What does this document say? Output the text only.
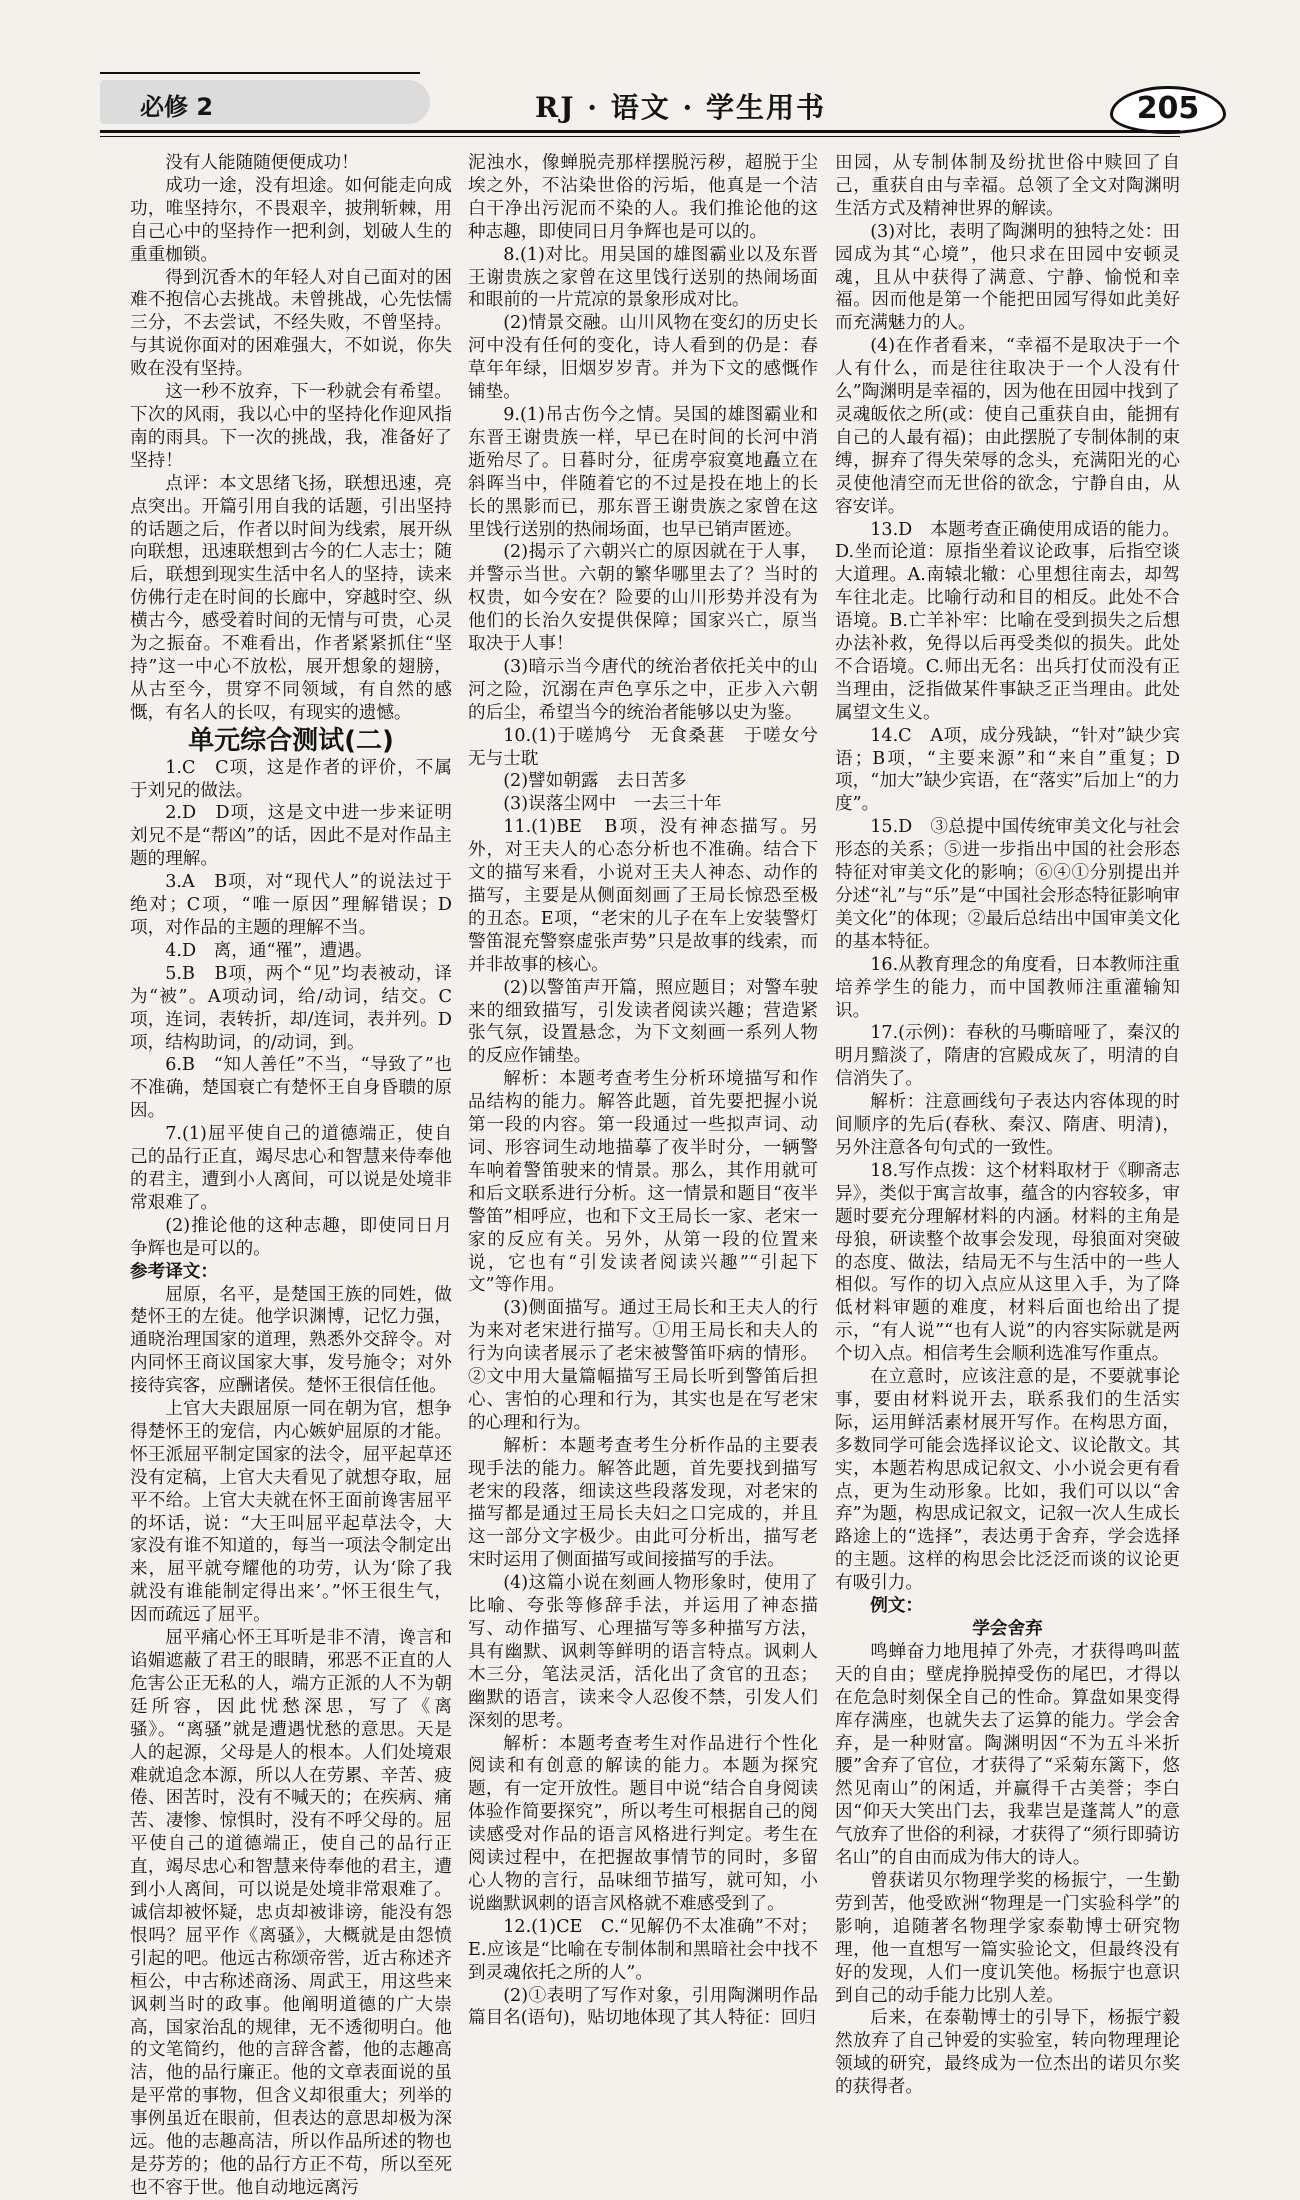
必修 2	RJ · 语文 · 学生用书	205

没有人能随随便便成功！

成功一途，没有坦途。如何能走向成功，唯坚持尔，不畏艰辛，披荆斩棘，用自己心中的坚持作一把利剑，划破人生的重重枷锁。

得到沉香木的年轻人对自己面对的困难不抱信心去挑战。未曾挑战，心先怯懦三分，不去尝试，不经失败，不曾坚持。与其说你面对的困难强大，不如说，你失败在没有坚持。

这一秒不放弃，下一秒就会有希望。下次的风雨，我以心中的坚持化作迎风指南的雨具。下一次的挑战，我，准备好了坚持！

点评：本文思绪飞扬，联想迅速，亮点突出。开篇引用自我的话题，引出坚持的话题之后，作者以时间为线索，展开纵向联想，迅速联想到古今的仁人志士；随后，联想到现实生活中名人的坚持，读来仿佛行走在时间的长廊中，穿越时空、纵横古今，感受着时间的无情与可贵，心灵为之振奋。不难看出，作者紧紧抓住“坚持”这一中心不放松，展开想象的翅膀，从古至今，贯穿不同领域，有自然的感慨，有名人的长叹，有现实的遗憾。

单元综合测试(二)

1.C　C项，这是作者的评价，不属于刘兄的做法。

2.D　D项，这是文中进一步来证明刘兄不是“帮凶”的话，因此不是对作品主题的理解。

3.A　B项，对“现代人”的说法过于绝对；C项，“唯一原因”理解错误；D项，对作品的主题的理解不当。

4.D　离，通“罹”，遭遇。

5.B　B项，两个“见”均表被动，译为“被”。A项动词，给/动词，结交。C项，连词，表转折，却/连词，表并列。D项，结构助词，的/动词，到。

6.B　“知人善任”不当，“导致了”也不准确，楚国衰亡有楚怀王自身昏聩的原因。

7.(1)屈平使自己的道德端正，使自己的品行正直，竭尽忠心和智慧来侍奉他的君主，遭到小人离间，可以说是处境非常艰难了。

(2)推论他的这种志趣，即使同日月争辉也是可以的。

参考译文：

屈原，名平，是楚国王族的同姓，做楚怀王的左徒。他学识渊博，记忆力强，通晓治理国家的道理，熟悉外交辞令。对内同怀王商议国家大事，发号施令；对外接待宾客，应酬诸侯。楚怀王很信任他。

上官大夫跟屈原一同在朝为官，想争得楚怀王的宠信，内心嫉妒屈原的才能。怀王派屈平制定国家的法令，屈平起草还没有定稿，上官大夫看见了就想夺取，屈平不给。上官大夫就在怀王面前谗害屈平的坏话，说：“大王叫屈平起草法令，大家没有谁不知道的，每当一项法令制定出来，屈平就夸耀他的功劳，认为‘除了我就没有谁能制定得出来’。”怀王很生气，因而疏远了屈平。

屈平痛心怀王耳听是非不清，谗言和谄媚遮蔽了君王的眼睛，邪恶不正直的人危害公正无私的人，端方正派的人不为朝廷所容，因此忧愁深思，写了《离骚》。“离骚”就是遭遇忧愁的意思。天是人的起源，父母是人的根本。人们处境艰难就追念本源，所以人在劳累、辛苦、疲倦、困苦时，没有不喊天的；在疾病、痛苦、凄惨、惊惧时，没有不呼父母的。屈平使自己的道德端正，使自己的品行正直，竭尽忠心和智慧来侍奉他的君主，遭到小人离间，可以说是处境非常艰难了。诚信却被怀疑，忠贞却被诽谤，能没有怨恨吗？屈平作《离骚》，大概就是由怨愤引起的吧。他远古称颂帝喾，近古称述齐桓公，中古称述商汤、周武王，用这些来讽刺当时的政事。他阐明道德的广大崇高，国家治乱的规律，无不透彻明白。他的文笔简约，他的言辞含蓄，他的志趣高洁，他的品行廉正。他的文章表面说的虽是平常的事物，但含义却很重大；列举的事例虽近在眼前，但表达的意思却极为深远。他的志趣高洁，所以作品所述的物也是芬芳的；他的品行方正不苟，所以至死也不容于世。他自动地远离污

泥浊水，像蝉脱壳那样摆脱污秽，超脱于尘埃之外，不沾染世俗的污垢，他真是一个洁白干净出污泥而不染的人。我们推论他的这种志趣，即使同日月争辉也是可以的。

8.(1)对比。用吴国的雄图霸业以及东晋王谢贵族之家曾在这里饯行送别的热闹场面和眼前的一片荒凉的景象形成对比。

(2)情景交融。山川风物在变幻的历史长河中没有任何的变化，诗人看到的仍是：春草年年绿，旧烟岁岁青。并为下文的感慨作铺垫。

9.(1)吊古伤今之情。吴国的雄图霸业和东晋王谢贵族一样，早已在时间的长河中消逝殆尽了。日暮时分，征虏亭寂寞地矗立在斜晖当中，伴随着它的不过是投在地上的长长的黑影而已，那东晋王谢贵族之家曾在这里饯行送别的热闹场面，也早已销声匿迹。

(2)揭示了六朝兴亡的原因就在于人事，并警示当世。六朝的繁华哪里去了？当时的权贵，如今安在？险要的山川形势并没有为他们的长治久安提供保障；国家兴亡，原当取决于人事！

(3)暗示当今唐代的统治者依托关中的山河之险，沉溺在声色享乐之中，正步入六朝的后尘，希望当今的统治者能够以史为鉴。

10.(1)于嗟鸠兮　无食桑葚　于嗟女兮　无与士耽

(2)譬如朝露　去日苦多

(3)误落尘网中　一去三十年

11.(1)BE　B项，没有神态描写。另外，对王夫人的心态分析也不准确。结合下文的描写来看，小说对王夫人神态、动作的描写，主要是从侧面刻画了王局长惊恐至极的丑态。E项，“老宋的儿子在车上安装警灯警笛混充警察虚张声势”只是故事的线索，而并非故事的核心。

(2)以警笛声开篇，照应题目；对警车驶来的细致描写，引发读者阅读兴趣；营造紧张气氛，设置悬念，为下文刻画一系列人物的反应作铺垫。

解析：本题考查考生分析环境描写和作品结构的能力。解答此题，首先要把握小说第一段的内容。第一段通过一些拟声词、动词、形容词生动地描摹了夜半时分，一辆警车响着警笛驶来的情景。那么，其作用就可和后文联系进行分析。这一情景和题目“夜半警笛”相呼应，也和下文王局长一家、老宋一家的反应有关。另外，从第一段的位置来说，它也有“引发读者阅读兴趣”“引起下文”等作用。

(3)侧面描写。通过王局长和王夫人的行为来对老宋进行描写。①用王局长和夫人的行为向读者展示了老宋被警笛吓病的情形。②文中用大量篇幅描写王局长听到警笛后担心、害怕的心理和行为，其实也是在写老宋的心理和行为。

解析：本题考查考生分析作品的主要表现手法的能力。解答此题，首先要找到描写老宋的段落，细读这些段落发现，对老宋的描写都是通过王局长夫妇之口完成的，并且这一部分文字极少。由此可分析出，描写老宋时运用了侧面描写或间接描写的手法。

(4)这篇小说在刻画人物形象时，使用了比喻、夸张等修辞手法，并运用了神态描写、动作描写、心理描写等多种描写方法，具有幽默、讽刺等鲜明的语言特点。讽刺人木三分，笔法灵活，活化出了贪官的丑态；幽默的语言，读来令人忍俊不禁，引发人们深刻的思考。

解析：本题考查考生对作品进行个性化阅读和有创意的解读的能力。本题为探究题，有一定开放性。题目中说“结合自身阅读体验作简要探究”，所以考生可根据自己的阅读感受对作品的语言风格进行判定。考生在阅读过程中，在把握故事情节的同时，多留心人物的言行，品味细节描写，就可知，小说幽默讽刺的语言风格就不难感受到了。

12.(1)CE　C.“见解仍不太准确”不对；E.应该是“比喻在专制体制和黑暗社会中找不到灵魂依托之所的人”。

(2)①表明了写作对象，引用陶渊明作品篇目名(语句)，贴切地体现了其人特征：回归

田园，从专制体制及纷扰世俗中赎回了自己，重获自由与幸福。总领了全文对陶渊明生活方式及精神世界的解读。

(3)对比，表明了陶渊明的独特之处：田园成为其“心境”，他只求在田园中安顿灵魂，且从中获得了满意、宁静、愉悦和幸福。因而他是第一个能把田园写得如此美好而充满魅力的人。

(4)在作者看来，“幸福不是取决于一个人有什么，而是往往取决于一个人没有什么”陶渊明是幸福的，因为他在田园中找到了灵魂皈依之所(或：使自己重获自由，能拥有自己的人最有福)；由此摆脱了专制体制的束缚，摒弃了得失荣辱的念头，充满阳光的心灵使他清空而无世俗的欲念，宁静自由，从容安详。

13.D　本题考查正确使用成语的能力。D.坐而论道：原指坐着议论政事，后指空谈大道理。A.南辕北辙：心里想往南去，却驾车往北走。比喻行动和目的相反。此处不合语境。B.亡羊补牢：比喻在受到损失之后想办法补救，免得以后再受类似的损失。此处不合语境。C.师出无名：出兵打仗而没有正当理由，泛指做某件事缺乏正当理由。此处属望文生义。

14.C　A项，成分残缺，“针对”缺少宾语；B项，“主要来源”和“来自”重复；D项，“加大”缺少宾语，在“落实”后加上“的力度”。

15.D　③总提中国传统审美文化与社会形态的关系；⑤进一步指出中国的社会形态特征对审美文化的影响；⑥④①分别提出并分述“礼”与“乐”是“中国社会形态特征影响审美文化”的体现；②最后总结出中国审美文化的基本特征。

16.从教育理念的角度看，日本教师注重培养学生的能力，而中国教师注重灌输知识。

17.(示例)：春秋的马嘶暗哑了，秦汉的明月黯淡了，隋唐的宫殿成灰了，明清的自信消失了。

解析：注意画线句子表达内容体现的时间顺序的先后(春秋、秦汉、隋唐、明清)，另外注意各句句式的一致性。

18.写作点拨：这个材料取材于《聊斋志异》，类似于寓言故事，蕴含的内容较多，审题时要充分理解材料的内涵。材料的主角是母狼，研读整个故事会发现，母狼面对突破的态度、做法，结局无不与生活中的一些人相似。写作的切入点应从这里入手，为了降低材料审题的难度，材料后面也给出了提示，“有人说”“也有人说”的内容实际就是两个切入点。相信考生会顺利选准写作重点。

在立意时，应该注意的是，不要就事论事，要由材料说开去，联系我们的生活实际，运用鲜活素材展开写作。在构思方面，多数同学可能会选择议论文、议论散文。其实，本题若构思成记叙文、小小说会更有看点，更为生动形象。比如，我们可以以“舍弃”为题，构思成记叙文，记叙一次人生成长路途上的“选择”，表达勇于舍弃，学会选择的主题。这样的构思会比泛泛而谈的议论更有吸引力。

例文：

学会舍弃

鸣蝉奋力地甩掉了外壳，才获得鸣叫蓝天的自由；壁虎挣脱掉受伤的尾巴，才得以在危急时刻保全自己的性命。算盘如果变得库存满座，也就失去了运算的能力。学会舍弃，是一种财富。陶渊明因“不为五斗米折腰”舍弃了官位，才获得了“采菊东篱下，悠然见南山”的闲适，并赢得千古美誉；李白因“仰天大笑出门去，我辈岂是蓬蒿人”的意气放弃了世俗的利禄，才获得了“须行即骑访名山”的自由而成为伟大的诗人。

曾获诺贝尔物理学奖的杨振宁，一生勤劳到苦，他受欧洲“物理是一门实验科学”的影响，追随著名物理学家泰勒博士研究物理，他一直想写一篇实验论文，但最终没有好的发现，人们一度讥笑他。杨振宁也意识到自己的动手能力比别人差。

后来，在泰勒博士的引导下，杨振宁毅然放弃了自己钟爱的实验室，转向物理理论领域的研究，最终成为一位杰出的诺贝尔奖的获得者。
